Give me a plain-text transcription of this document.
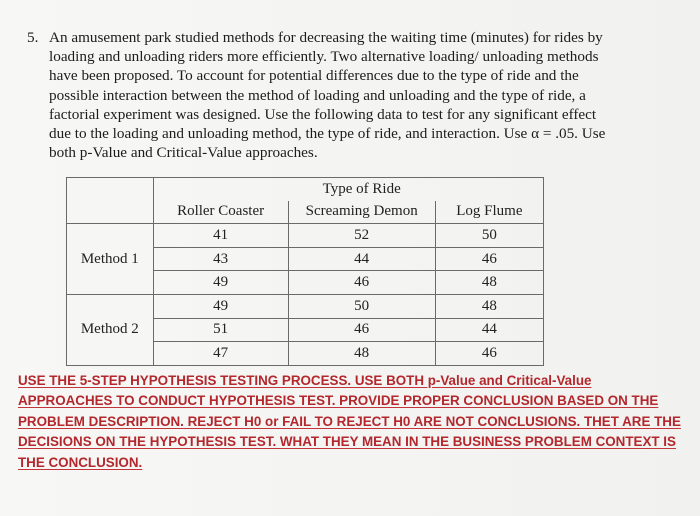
5. An amusement park studied methods for decreasing the waiting time (minutes) for rides by
loading and unloading riders more efficiently. Two alternative loading/ unloading methods
have been proposed. To account for potential differences due to the type of ride and the
possible interaction between the method of loading and unloading and the type of ride, a
factorial experiment was designed. Use the following data to test for any significant effect
due to the loading and unloading method, the type of ride, and interaction. Use α = .05. Use
both p-Value and Critical-Value approaches.
		Type of Ride	
	Roller Coaster	Screaming Demon	Log Flume
Method 1	41	52	50
	43	44	46
	49	46	48
Method 2	49	50	48
	51	46	44
	47	48	46
USE THE 5-STEP HYPOTHESIS TESTING PROCESS. USE BOTH p-Value and Critical-Value
APPROACHES TO CONDUCT HYPOTHESIS TEST. PROVIDE PROPER CONCLUSION BASED ON THE
PROBLEM DESCRIPTION. REJECT H0 or FAIL TO REJECT H0 ARE NOT CONCLUSIONS. THET ARE THE
DECISIONS ON THE HYPOTHESIS TEST. WHAT THEY MEAN IN THE BUSINESS PROBLEM CONTEXT IS
THE CONCLUSION.
